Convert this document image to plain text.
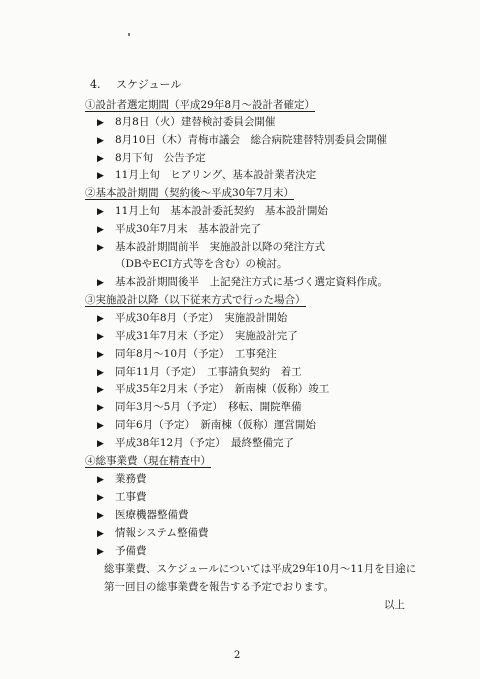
4. スケジュール
①設計者選定期間（平成29年8月〜設計者確定）
▶ 8月8日（火）建替検討委員会開催
▶ 8月10日（木）青梅市議会　総合病院建替特別委員会開催
▶ 8月下旬　公告予定
▶ 11月上旬　ヒアリング、基本設計業者決定
②基本設計期間（契約後〜平成30年7月末）
▶ 11月上旬　基本設計委託契約　基本設計開始
▶ 平成30年7月末　基本設計完了
▶ 基本設計期間前半　実施設計以降の発注方式
（DBやECI方式等を含む）の検討。
▶ 基本設計期間後半　上記発注方式に基づく選定資料作成。
③実施設計以降（以下従来方式で行った場合）
▶ 平成30年8月（予定）　実施設計開始
▶ 平成31年7月末（予定）　実施設計完了
▶ 同年8月〜10月（予定）　工事発注
▶ 同年11月（予定）　工事請負契約　着工
▶ 平成35年2月末（予定）　新南棟（仮称）竣工
▶ 同年3月〜5月（予定）　移転、開院準備
▶ 同年6月（予定）　新南棟（仮称）運営開始
▶ 平成38年12月（予定）　最終整備完了
④総事業費（現在精査中）
▶ 業務費
▶ 工事費
▶ 医療機器整備費
▶ 情報システム整備費
▶ 予備費
総事業費、スケジュールについては平成29年10月〜11月を目途に
第一回目の総事業費を報告する予定でおります。
以上
2
